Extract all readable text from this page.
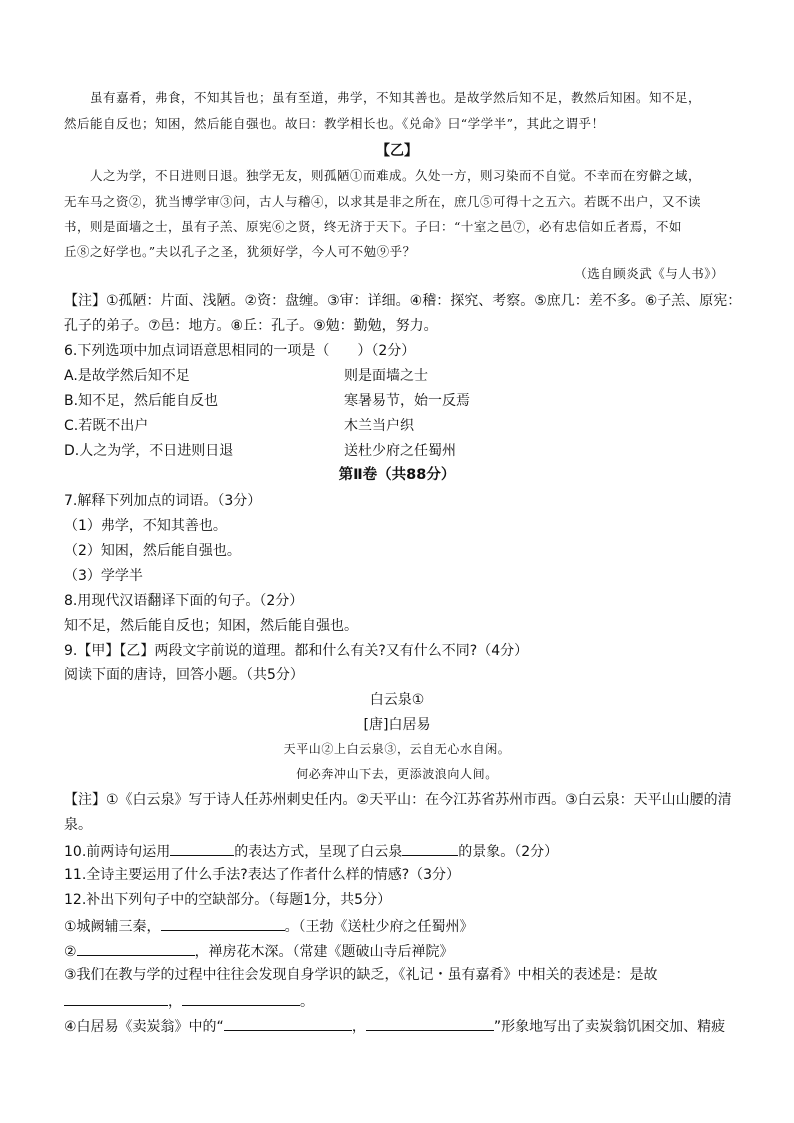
虽有嘉肴，弗食，不知其旨也；虽有至道，弗学，不知其善也。是故学然后知不足，教然后知困。知不足，
然后能自反也；知困，然后能自强也。故曰：教学相长也。《兑命》曰“学学半”，其此之谓乎！
【乙】
人之为学，不日进则日退。独学无友，则孤陋①而难成。久处一方，则习染而不自觉。不幸而在穷僻之域，
无车马之资②，犹当博学审③问，古人与稽④，以求其是非之所在，庶几⑤可得十之五六。若既不出户，又不读
书，则是面墙之士，虽有子羔、原宪⑥之贤，终无济于天下。子曰：“十室之邑⑦，必有忠信如丘者焉，不如
丘⑧之好学也。”夫以孔子之圣，犹须好学，今人可不勉⑨乎？
（选自顾炎武《与人书》）
【注】①孤陋：片面、浅陋。②资：盘缠。③审：详细。④稽：探究、考察。⑤庶几：差不多。⑥子羔、原宪：
孔子的弟子。⑦邑：地方。⑧丘：孔子。⑨勉：勤勉，努力。
6.下列选项中加点词语意思相同的一项是（　　）（2分）
A.是故学然后知不足	则是面墙之士
B.知不足，然后能自反也	寒暑易节，始一反焉
C.若既不出户	木兰当户织
D.人之为学，不日进则日退	送杜少府之任蜀州
第Ⅱ卷（共88分）
7.解释下列加点的词语。（3分）
（1）弗学，不知其善也。
（2）知困，然后能自强也。
（3）学学半
8.用现代汉语翻译下面的句子。（2分）
知不足，然后能自反也；知困，然后能自强也。
9.【甲】【乙】两段文字前说的道理。都和什么有关?又有什么不同?（4分）
阅读下面的唐诗，回答小题。（共5分）
白云泉①
[唐]白居易
天平山②上白云泉③，云自无心水自闲。
何必奔冲山下去，更添波浪向人间。
【注】①《白云泉》写于诗人任苏州刺史任内。②天平山：在今江苏省苏州市西。③白云泉：天平山山腰的清
泉。
10.前两诗句运用	的表达方式，呈现了白云泉	的景象。（2分）
11.全诗主要运用了什么手法?表达了作者什么样的情感?（3分）
12.补出下列句子中的空缺部分。（每题1分，共5分）
①城阙辅三秦，	。（王勃《送杜少府之任蜀州》
②	，禅房花木深。（常建《题破山寺后禅院》
③我们在教与学的过程中往往会发现自身学识的缺乏，《礼记・虽有嘉肴》中相关的表述是：是故
，	。
④白居易《卖炭翁》中的“	，	”形象地写出了卖炭翁饥困交加、精疲
